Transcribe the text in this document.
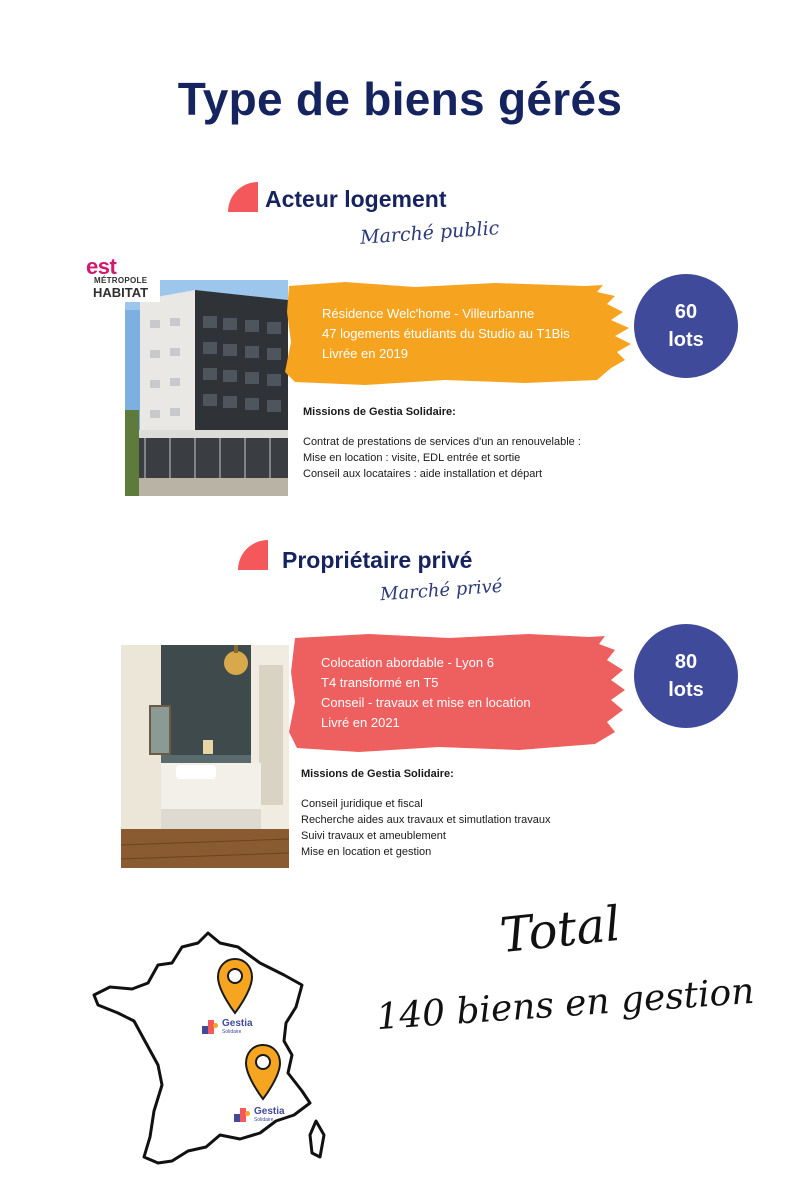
Type de biens gérés
Acteur logement
Marché public
est
MÉTROPOLE
HABITAT
Résidence Welc'home - Villeurbanne
47 logements étudiants du Studio au T1Bis
Livrée en 2019
60
lots
Missions de Gestia Solidaire:
Contrat de prestations de services d'un an renouvelable :
Mise en location : visite, EDL entrée et sortie
Conseil aux locataires : aide installation et départ
Propriétaire privé
Marché privé
Colocation abordable - Lyon 6
T4 transformé en T5
Conseil - travaux et mise en location
Livré en 2021
80
lots
Missions de Gestia Solidaire:
Conseil juridique et fiscal
Recherche aides aux travaux et simutlation travaux
Suivi travaux et ameublement
Mise en location et gestion
Gestia
Solidaire
Gestia
Solidaire
Total
140 biens en gestion
